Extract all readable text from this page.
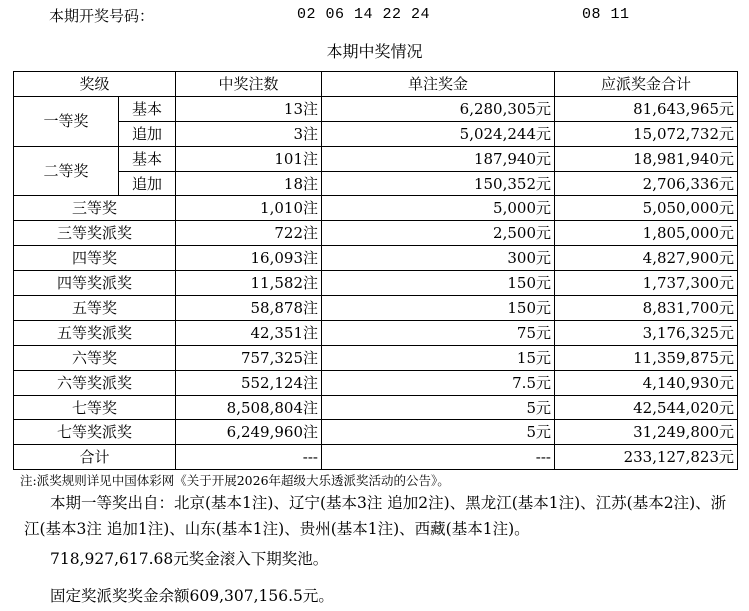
本期开奖号码：	02 06 14 22 24	08 11
本期中奖情况
奖级		中奖注数	单注奖金	应派奖金合计
一等奖	基本	13注	6,280,305元	81,643,965元
	追加	3注	5,024,244元	15,072,732元
二等奖	基本	101注	187,940元	18,981,940元
	追加	18注	150,352元	2,706,336元
三等奖		1,010注	5,000元	5,050,000元
三等奖派奖		722注	2,500元	1,805,000元
四等奖		16,093注	300元	4,827,900元
四等奖派奖		11,582注	150元	1,737,300元
五等奖		58,878注	150元	8,831,700元
五等奖派奖		42,351注	75元	3,176,325元
六等奖		757,325注	15元	11,359,875元
六等奖派奖		552,124注	7.5元	4,140,930元
七等奖		8,508,804注	5元	42,544,020元
七等奖派奖		6,249,960注	5元	31,249,800元
合计		---	---	233,127,823元
注:派奖规则详见中国体彩网《关于开展2026年超级大乐透派奖活动的公告》。
本期一等奖出自：北京(基本1注)、辽宁(基本3注 追加2注)、黑龙江(基本1注)、江苏(基本2注)、浙江(基本3注 追加1注)、山东(基本1注)、贵州(基本1注)、西藏(基本1注)。
718,927,617.68元奖金滚入下期奖池。
固定奖派奖奖金余额609,307,156.5元。
